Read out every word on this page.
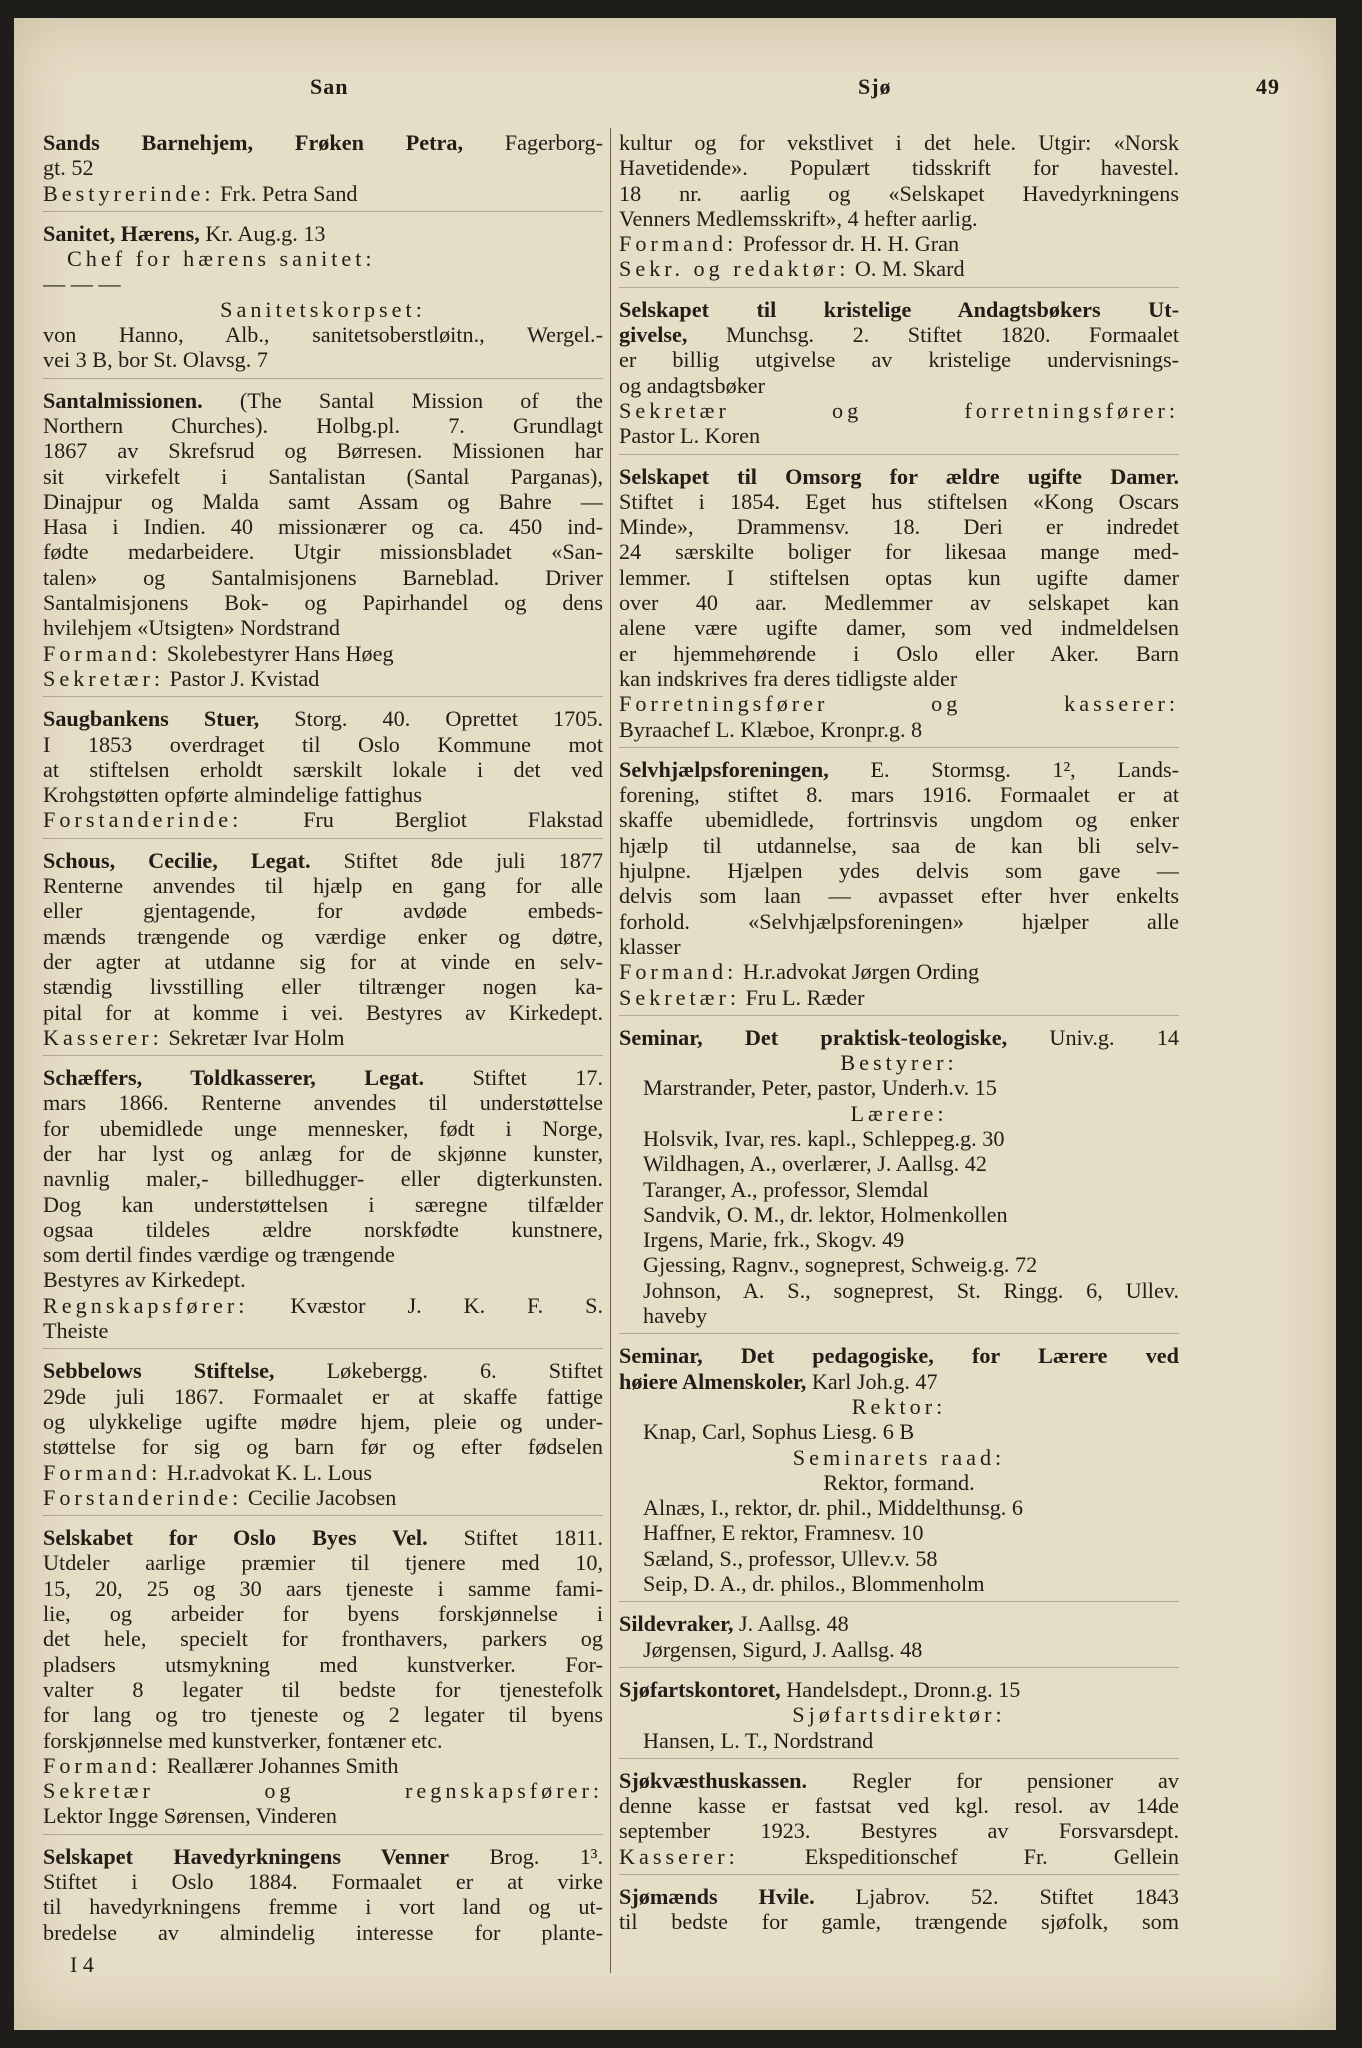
San	Sjø	49
Sands Barnehjem, Frøken Petra, Fagerborg-
gt. 52
Bestyrerinde: Frk. Petra Sand
Sanitet, Hærens, Kr. Aug.g. 13
Chef for hærens sanitet:
— — —
Sanitetskorpset:
von Hanno, Alb., sanitetsoberstløitn., Wergel.-
vei 3 B, bor St. Olavsg. 7
Santalmissionen. (The Santal Mission of the
Northern Churches). Holbg.pl. 7. Grundlagt
1867 av Skrefsrud og Børresen. Missionen har
sit virkefelt i Santalistan (Santal Parganas),
Dinajpur og Malda samt Assam og Bahre —
Hasa i Indien. 40 missionærer og ca. 450 ind-
fødte medarbeidere. Utgir missionsbladet «San-
talen» og Santalmisjonens Barneblad. Driver
Santalmisjonens Bok- og Papirhandel og dens
hvilehjem «Utsigten» Nordstrand
Formand: Skolebestyrer Hans Høeg
Sekretær: Pastor J. Kvistad
Saugbankens Stuer, Storg. 40. Oprettet 1705.
I 1853 overdraget til Oslo Kommune mot
at stiftelsen erholdt særskilt lokale i det ved
Krohgstøtten opførte almindelige fattighus
Forstanderinde: Fru Bergliot Flakstad
Schous, Cecilie, Legat. Stiftet 8de juli 1877
Renterne anvendes til hjælp en gang for alle
eller gjentagende, for avdøde embeds-
mænds trængende og værdige enker og døtre,
der agter at utdanne sig for at vinde en selv-
stændig livsstilling eller tiltrænger nogen ka-
pital for at komme i vei. Bestyres av Kirkedept.
Kasserer: Sekretær Ivar Holm
Schæffers, Toldkasserer, Legat. Stiftet 17.
mars 1866. Renterne anvendes til understøttelse
for ubemidlede unge mennesker, født i Norge,
der har lyst og anlæg for de skjønne kunster,
navnlig maler,- billedhugger- eller digterkunsten.
Dog kan understøttelsen i særegne tilfælder
ogsaa tildeles ældre norskfødte kunstnere,
som dertil findes værdige og trængende
Bestyres av Kirkedept.
Regnskapsfører: Kvæstor J. K. F. S.
Theiste
Sebbelows Stiftelse, Løkebergg. 6. Stiftet
29de juli 1867. Formaalet er at skaffe fattige
og ulykkelige ugifte mødre hjem, pleie og under-
støttelse for sig og barn før og efter fødselen
Formand: H.r.advokat K. L. Lous
Forstanderinde: Cecilie Jacobsen
Selskabet for Oslo Byes Vel. Stiftet 1811.
Utdeler aarlige præmier til tjenere med 10,
15, 20, 25 og 30 aars tjeneste i samme fami-
lie, og arbeider for byens forskjønnelse i
det hele, specielt for fronthavers, parkers og
pladsers utsmykning med kunstverker. For-
valter 8 legater til bedste for tjenestefolk
for lang og tro tjeneste og 2 legater til byens
forskjønnelse med kunstverker, fontæner etc.
Formand: Reallærer Johannes Smith
Sekretær og regnskapsfører:
Lektor Ingge Sørensen, Vinderen
Selskapet Havedyrkningens Venner Brog. 1³.
Stiftet i Oslo 1884. Formaalet er at virke
til havedyrkningens fremme i vort land og ut-
bredelse av almindelig interesse for plante-
kultur og for vekstlivet i det hele. Utgir: «Norsk
Havetidende». Populært tidsskrift for havestel.
18 nr. aarlig og «Selskapet Havedyrkningens
Venners Medlemsskrift», 4 hefter aarlig.
Formand: Professor dr. H. H. Gran
Sekr. og redaktør: O. M. Skard
Selskapet til kristelige Andagtsbøkers Ut-
givelse, Munchsg. 2. Stiftet 1820. Formaalet
er billig utgivelse av kristelige undervisnings-
og andagtsbøker
Sekretær og forretningsfører:
Pastor L. Koren
Selskapet til Omsorg for ældre ugifte Damer.
Stiftet i 1854. Eget hus stiftelsen «Kong Oscars
Minde», Drammensv. 18. Deri er indredet
24 særskilte boliger for likesaa mange med-
lemmer. I stiftelsen optas kun ugifte damer
over 40 aar. Medlemmer av selskapet kan
alene være ugifte damer, som ved indmeldelsen
er hjemmehørende i Oslo eller Aker. Barn
kan indskrives fra deres tidligste alder
Forretningsfører og kasserer:
Byraachef L. Klæboe, Kronpr.g. 8
Selvhjælpsforeningen, E. Stormsg. 1², Lands-
forening, stiftet 8. mars 1916. Formaalet er at
skaffe ubemidlede, fortrinsvis ungdom og enker
hjælp til utdannelse, saa de kan bli selv-
hjulpne. Hjælpen ydes delvis som gave —
delvis som laan — avpasset efter hver enkelts
forhold. «Selvhjælpsforeningen» hjælper alle
klasser
Formand: H.r.advokat Jørgen Ording
Sekretær: Fru L. Ræder
Seminar, Det praktisk-teologiske, Univ.g. 14
Bestyrer:
Marstrander, Peter, pastor, Underh.v. 15
Lærere:
Holsvik, Ivar, res. kapl., Schleppeg.g. 30
Wildhagen, A., overlærer, J. Aallsg. 42
Taranger, A., professor, Slemdal
Sandvik, O. M., dr. lektor, Holmenkollen
Irgens, Marie, frk., Skogv. 49
Gjessing, Ragnv., sogneprest, Schweig.g. 72
Johnson, A. S., sogneprest, St. Ringg. 6, Ullev.
haveby
Seminar, Det pedagogiske, for Lærere ved
høiere Almenskoler, Karl Joh.g. 47
Rektor:
Knap, Carl, Sophus Liesg. 6 B
Seminarets raad:
Rektor, formand.
Alnæs, I., rektor, dr. phil., Middelthunsg. 6
Haffner, E rektor, Framnesv. 10
Sæland, S., professor, Ullev.v. 58
Seip, D. A., dr. philos., Blommenholm
Sildevraker, J. Aallsg. 48
Jørgensen, Sigurd, J. Aallsg. 48
Sjøfartskontoret, Handelsdept., Dronn.g. 15
Sjøfartsdirektør:
Hansen, L. T., Nordstrand
Sjøkvæsthuskassen. Regler for pensioner av
denne kasse er fastsat ved kgl. resol. av 14de
september 1923. Bestyres av Forsvarsdept.
Kasserer: Ekspeditionschef Fr. Gellein
Sjømænds Hvile. Ljabrov. 52. Stiftet 1843
til bedste for gamle, trængende sjøfolk, som
I 4
